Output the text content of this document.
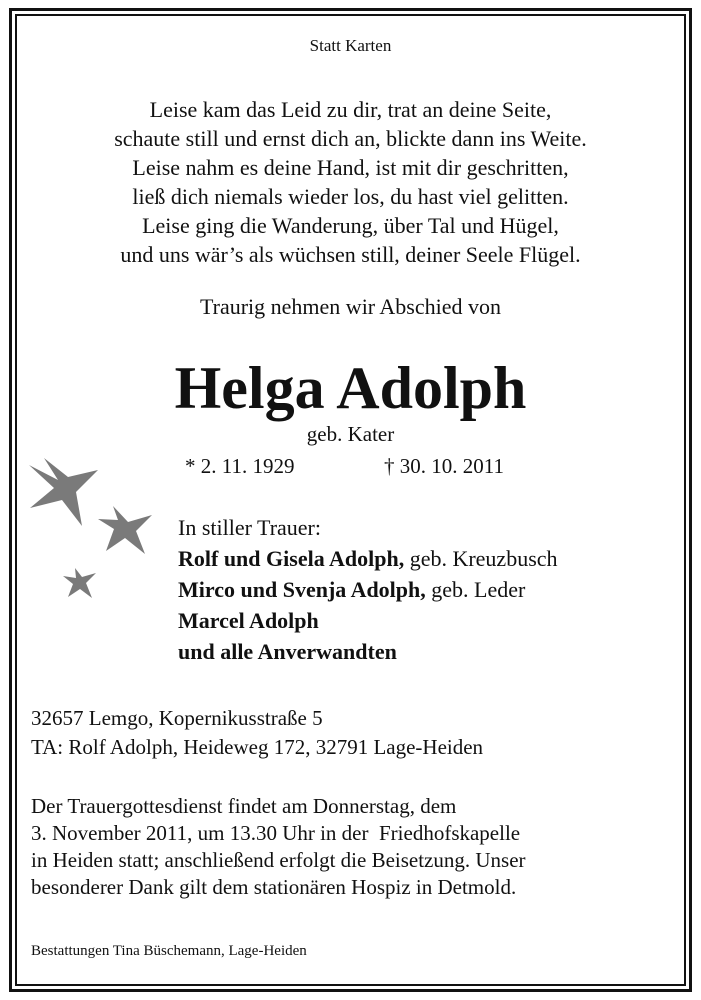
Statt Karten
Leise kam das Leid zu dir, trat an deine Seite,
schaute still und ernst dich an, blickte dann ins Weite.
Leise nahm es deine Hand, ist mit dir geschritten,
ließ dich niemals wieder los, du hast viel gelitten.
Leise ging die Wanderung, über Tal und Hügel,
und uns wär’s als wüchsen still, deiner Seele Flügel.
Traurig nehmen wir Abschied von
Helga Adolph
geb. Kater
* 2. 11. 1929	† 30. 10. 2011
In stiller Trauer:
Rolf und Gisela Adolph, geb. Kreuzbusch
Mirco und Svenja Adolph, geb. Leder
Marcel Adolph
und alle Anverwandten
32657 Lemgo, Kopernikusstraße 5
TA: Rolf Adolph, Heideweg 172, 32791 Lage-Heiden
Der Trauergottesdienst findet am Donnerstag, dem
3. November 2011, um 13.30 Uhr in der  Friedhofskapelle
in Heiden statt; anschließend erfolgt die Beisetzung. Unser
besonderer Dank gilt dem stationären Hospiz in Detmold.
Bestattungen Tina Büschemann, Lage-Heiden
